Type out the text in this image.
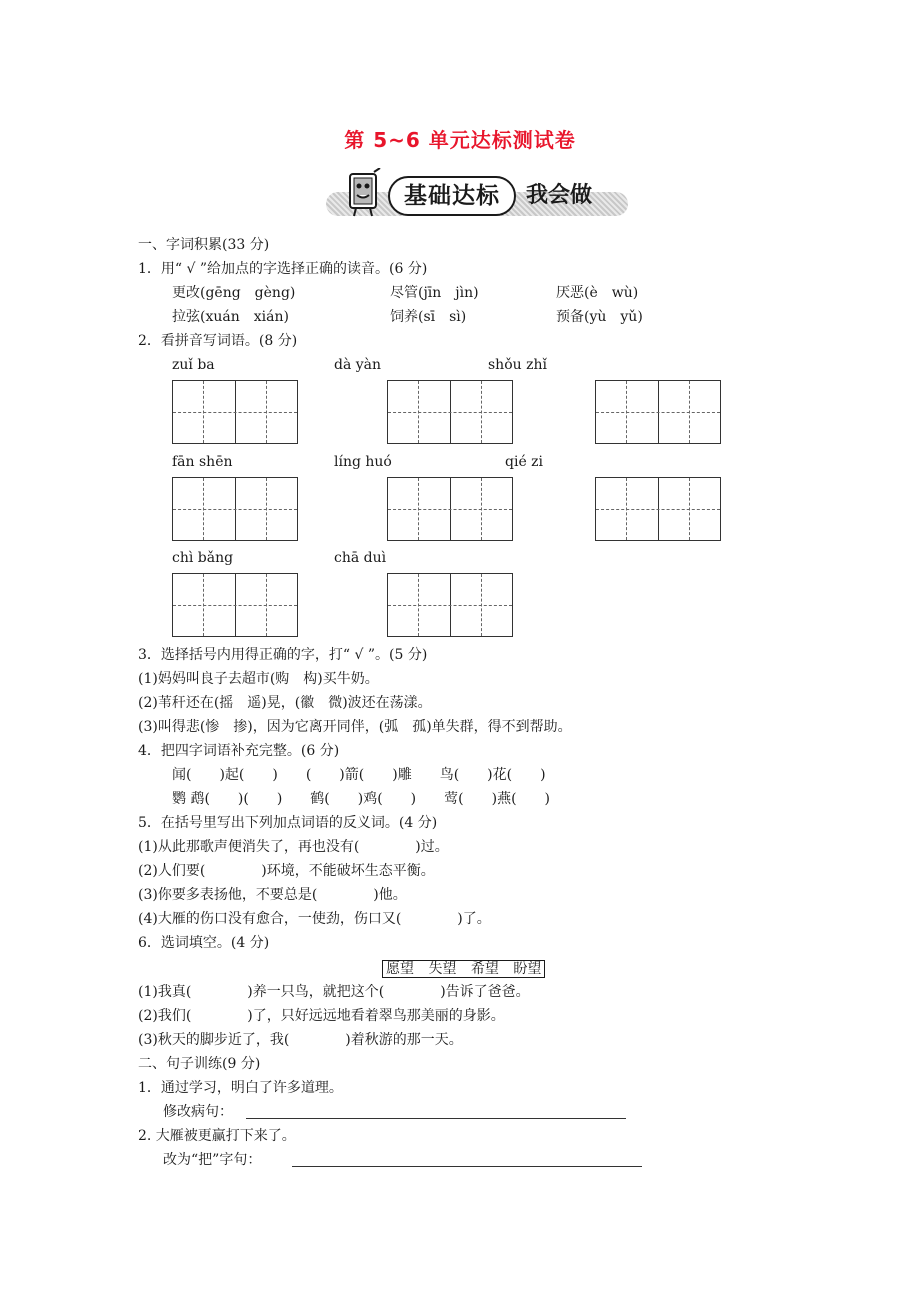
第 5~6 单元达标测试卷
基础达标	我会做
一、字词积累(33 分)
1．用“ √ ”给加点的字选择正确的读音。(6 分)
更改(gēng　gèng)	尽管(jīn　jìn)	厌恶(è　wù)
拉弦(xuán　xián)	饲养(sī　sì)	预备(yù　yǔ)
2．看拼音写词语。(8 分)
zuǐ ba	dà yàn	shǒu zhǐ
fān shēn	líng huó	qié zi
chì bǎng	chā duì
3．选择括号内用得正确的字，打“ √ ”。(5 分)
(1)妈妈叫良子去超市(购　构)买牛奶。
(2)苇秆还在(摇　遥)晃，(徽　微)波还在荡漾。
(3)叫得悲(惨　掺)，因为它离开同伴，(弧　孤)单失群，得不到帮助。
4．把四字词语补充完整。(6 分)
闻(　　)起(　　)　　(　　)箭(　　)雕　　鸟(　　)花(　　)
鹦 鹉(　　)(　　)　　鹤(　　)鸡(　　)　　莺(　　)燕(　　)
5．在括号里写出下列加点词语的反义词。(4 分)
(1)从此那歌声便消失了，再也没有(　　　　)过。
(2)人们要(　　　　)环境，不能破坏生态平衡。
(3)你要多表扬他，不要总是(　　　　)他。
(4)大雁的伤口没有愈合，一使劲，伤口又(　　　　)了。
6．选词填空。(4 分)
愿望 失望 希望 盼望
(1)我真(　　　　)养一只鸟，就把这个(　　　　)告诉了爸爸。
(2)我们(　　　　)了，只好远远地看着翠鸟那美丽的身影。
(3)秋天的脚步近了，我(　　　　)着秋游的那一天。
二、句子训练(9 分)
1．通过学习，明白了许多道理。
修改病句：
2. 大雁被更赢打下来了。
改为“把”字句：
